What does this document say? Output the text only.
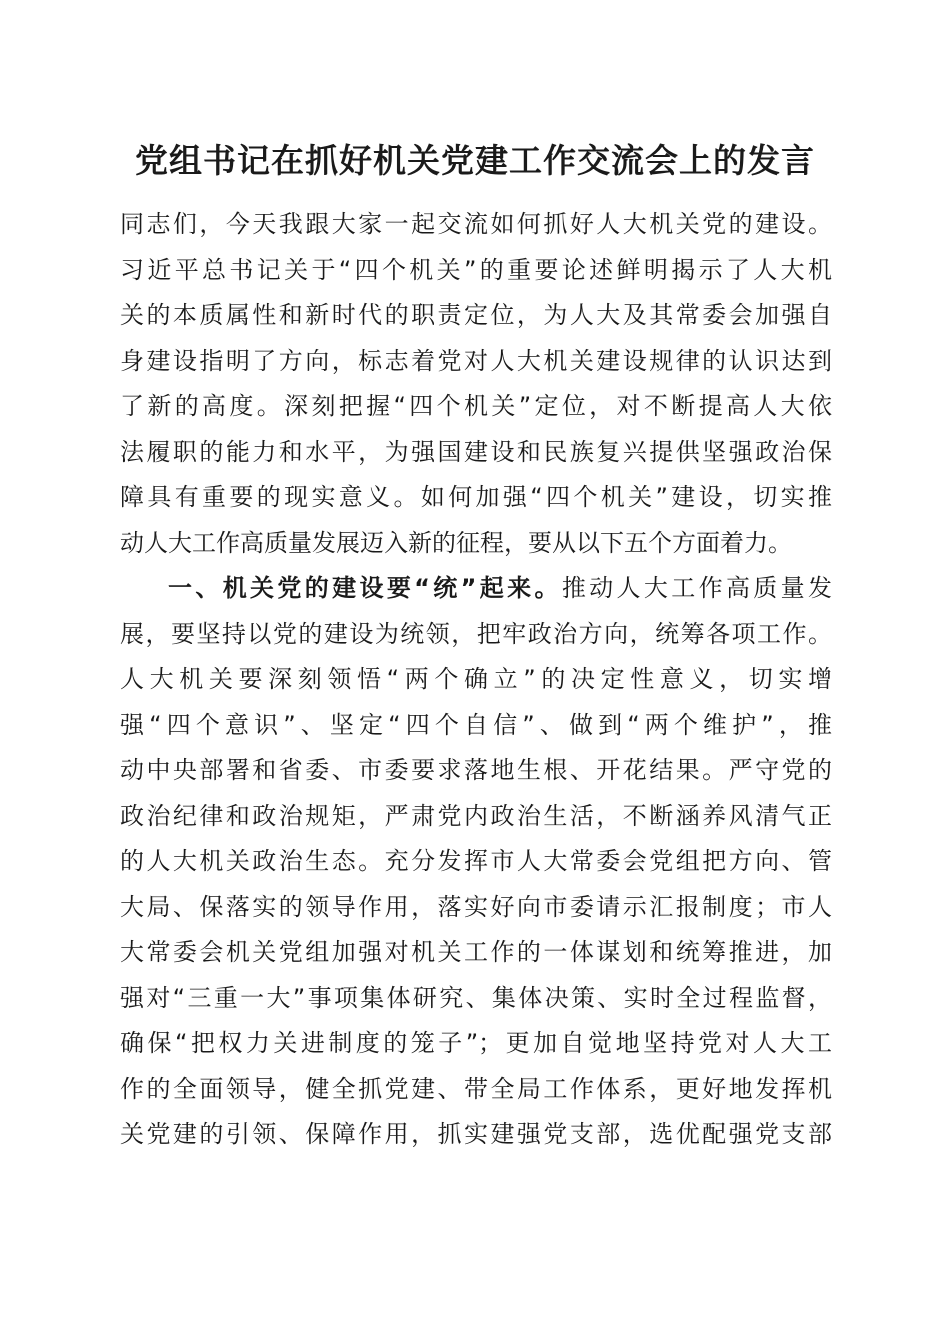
党组书记在抓好机关党建工作交流会上的发言
同志们，今天我跟大家一起交流如何抓好人大机关党的建设。
习近平总书记关于“四个机关”的重要论述鲜明揭示了人大机
关的本质属性和新时代的职责定位，为人大及其常委会加强自
身建设指明了方向，标志着党对人大机关建设规律的认识达到
了新的高度。深刻把握“四个机关”定位，对不断提高人大依
法履职的能力和水平，为强国建设和民族复兴提供坚强政治保
障具有重要的现实意义。如何加强“四个机关”建设，切实推
动人大工作高质量发展迈入新的征程，要从以下五个方面着力。
一、机关党的建设要“统”起来。推动人大工作高质量发
展，要坚持以党的建设为统领，把牢政治方向，统筹各项工作。
人大机关要深刻领悟“两个确立”的决定性意义，切实增
强“四个意识”、坚定“四个自信”、做到“两个维护”，推
动中央部署和省委、市委要求落地生根、开花结果。严守党的
政治纪律和政治规矩，严肃党内政治生活，不断涵养风清气正
的人大机关政治生态。充分发挥市人大常委会党组把方向、管
大局、保落实的领导作用，落实好向市委请示汇报制度；市人
大常委会机关党组加强对机关工作的一体谋划和统筹推进，加
强对“三重一大”事项集体研究、集体决策、实时全过程监督，
确保“把权力关进制度的笼子”；更加自觉地坚持党对人大工
作的全面领导，健全抓党建、带全局工作体系，更好地发挥机
关党建的引领、保障作用，抓实建强党支部，选优配强党支部
